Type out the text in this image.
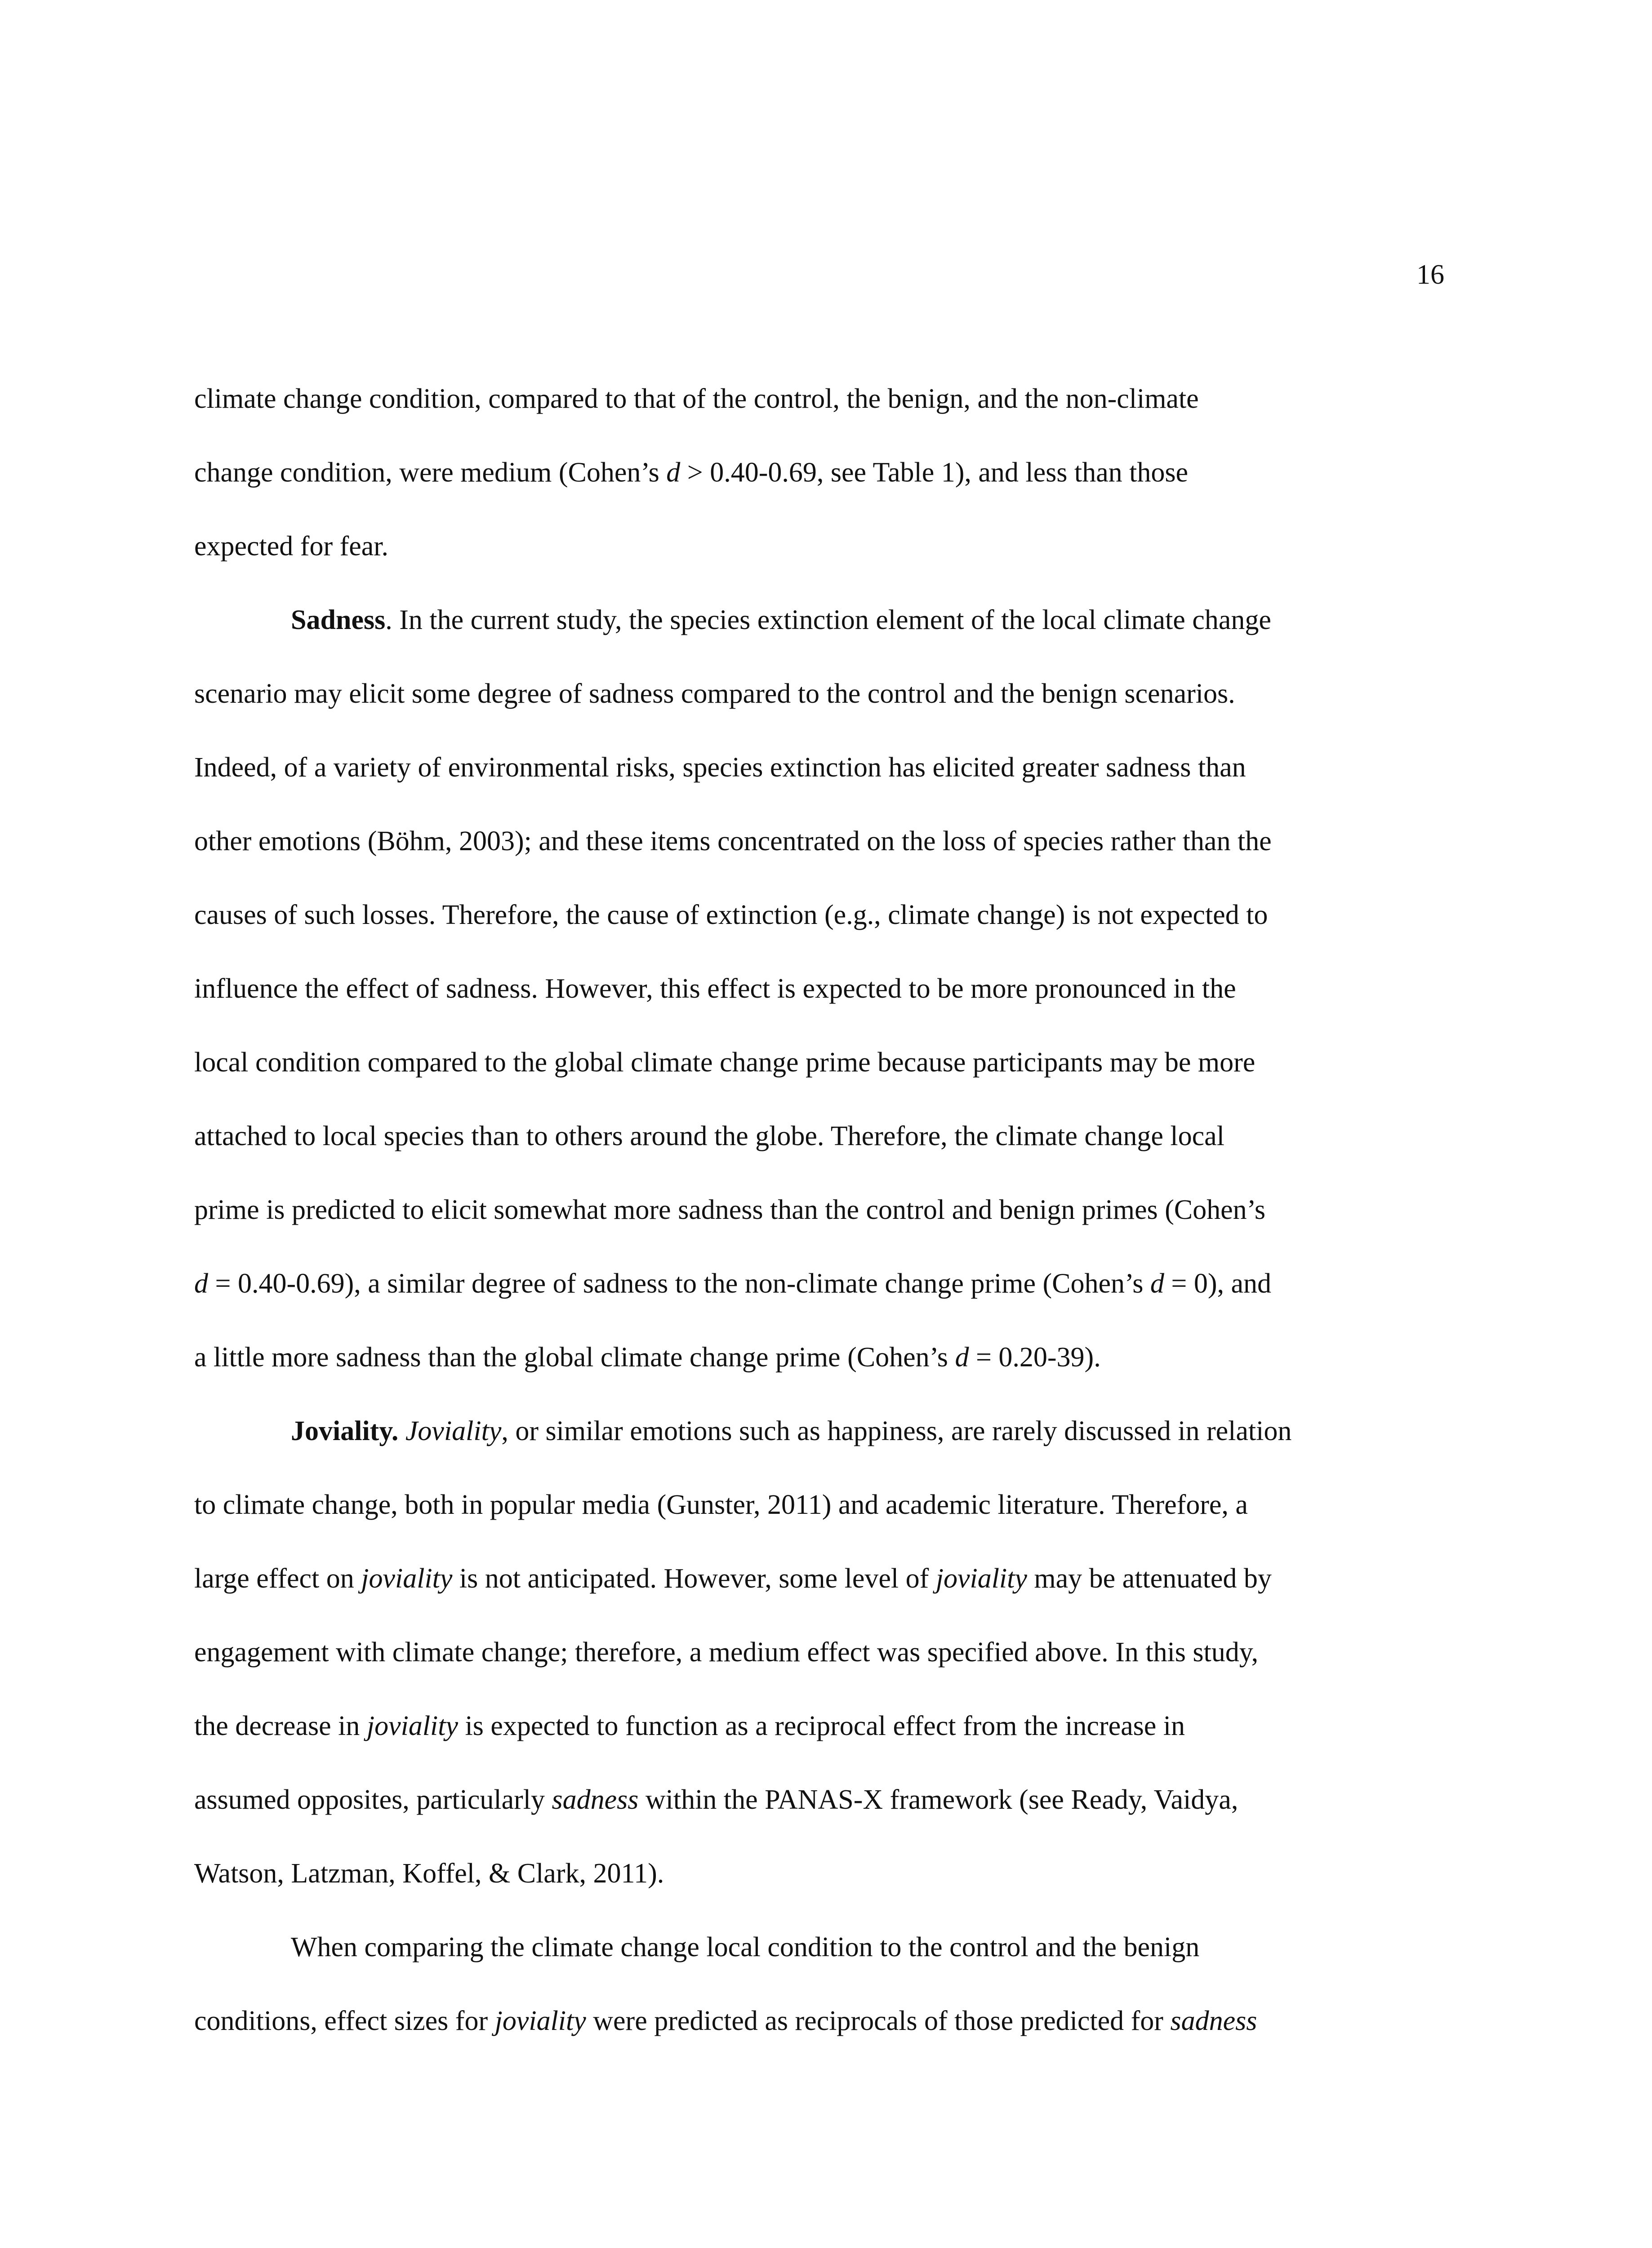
16
climate change condition, compared to that of the control, the benign, and the non-climate
change condition, were medium (Cohen’s d > 0.40-0.69, see Table 1), and less than those
expected for fear.
Sadness. In the current study, the species extinction element of the local climate change
scenario may elicit some degree of sadness compared to the control and the benign scenarios.
Indeed, of a variety of environmental risks, species extinction has elicited greater sadness than
other emotions (Böhm, 2003); and these items concentrated on the loss of species rather than the
causes of such losses. Therefore, the cause of extinction (e.g., climate change) is not expected to
influence the effect of sadness. However, this effect is expected to be more pronounced in the
local condition compared to the global climate change prime because participants may be more
attached to local species than to others around the globe. Therefore, the climate change local
prime is predicted to elicit somewhat more sadness than the control and benign primes (Cohen’s
d = 0.40-0.69), a similar degree of sadness to the non-climate change prime (Cohen’s d = 0), and
a little more sadness than the global climate change prime (Cohen’s d = 0.20-39).
Joviality. Joviality, or similar emotions such as happiness, are rarely discussed in relation
to climate change, both in popular media (Gunster, 2011) and academic literature. Therefore, a
large effect on joviality is not anticipated. However, some level of joviality may be attenuated by
engagement with climate change; therefore, a medium effect was specified above. In this study,
the decrease in joviality is expected to function as a reciprocal effect from the increase in
assumed opposites, particularly sadness within the PANAS-X framework (see Ready, Vaidya,
Watson, Latzman, Koffel, & Clark, 2011).
When comparing the climate change local condition to the control and the benign
conditions, effect sizes for joviality were predicted as reciprocals of those predicted for sadness
